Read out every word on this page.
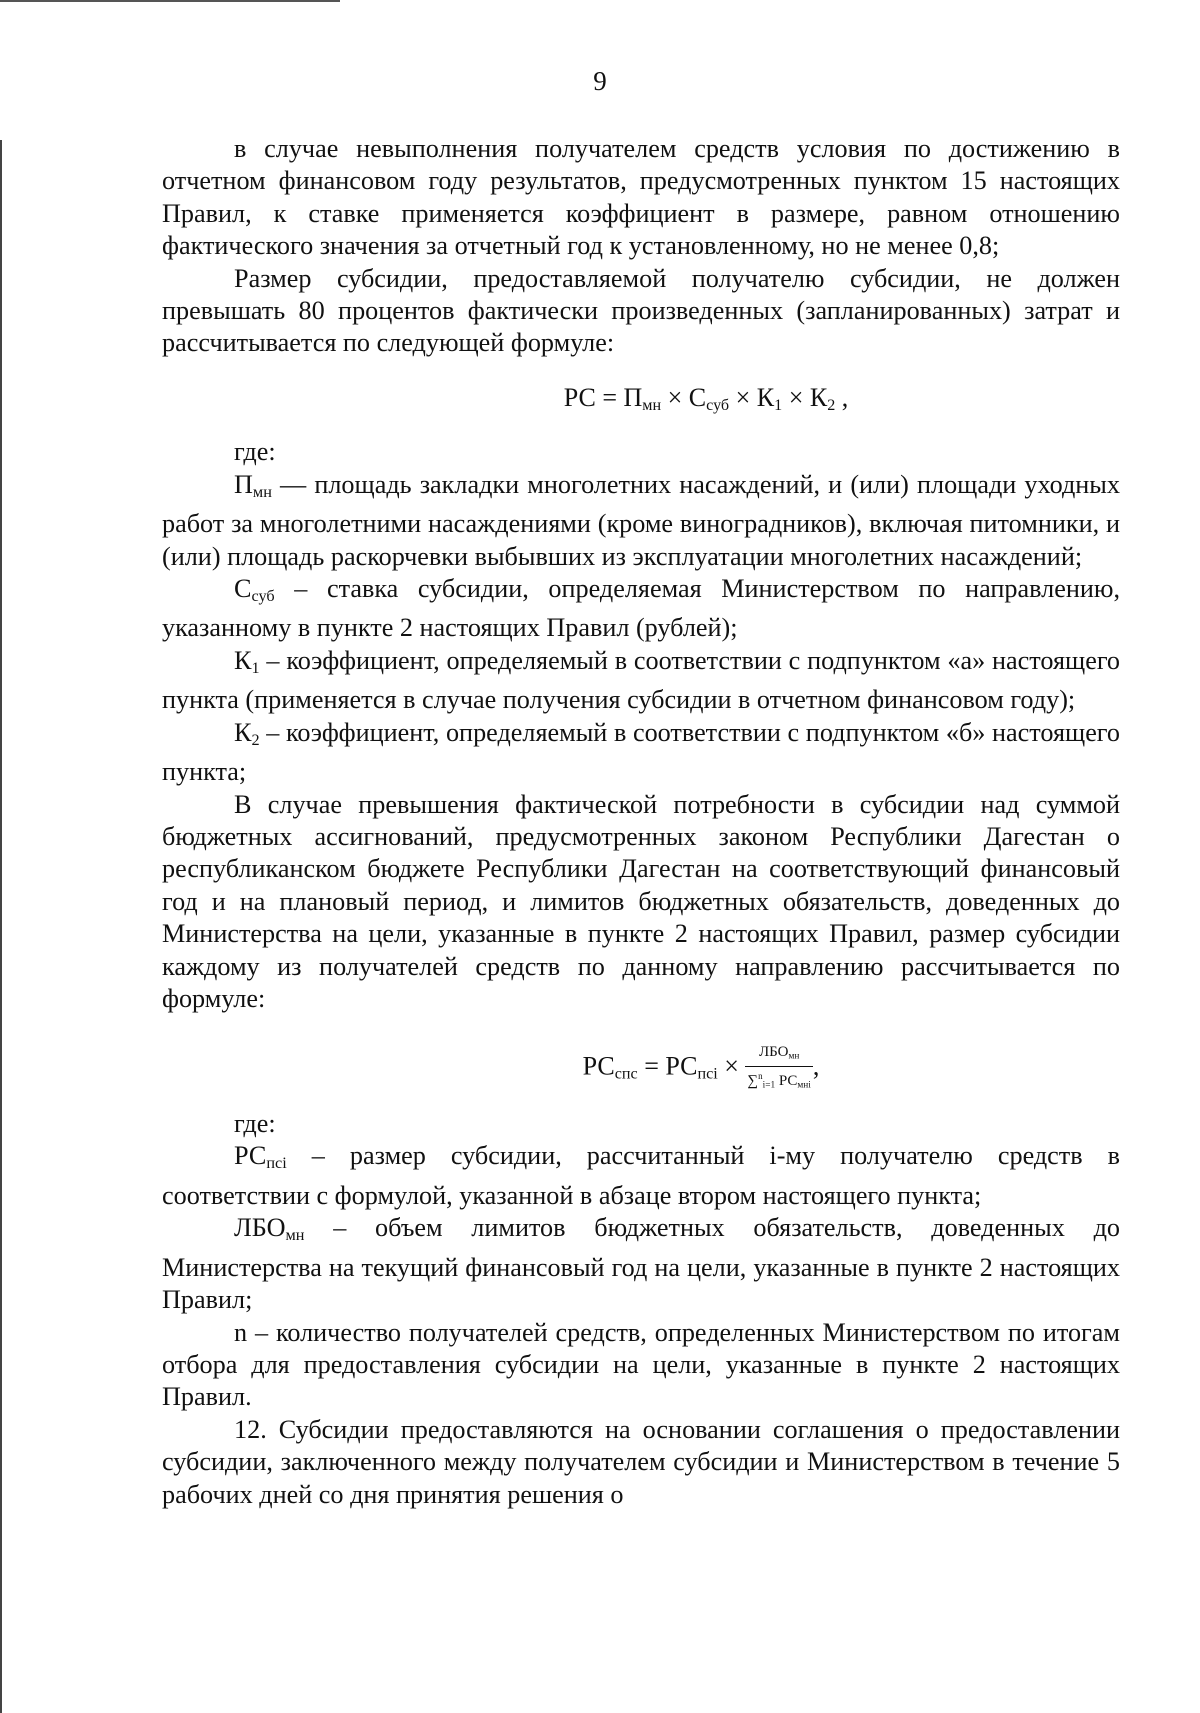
9

в случае невыполнения получателем средств условия по достижению в отчетном финансовом году результатов, предусмотренных пунктом 15 настоящих Правил, к ставке применяется коэффициент в размере, равном отношению фактического значения за отчетный год к установленному, но не менее 0,8;

Размер субсидии, предоставляемой получателю субсидии, не должен превышать 80 процентов фактически произведенных (запланированных) затрат и рассчитывается по следующей формуле:

РС = $П_{мн} \times С_{суб} \times К_1 \times К_2$ ,

где:

$П_{мн}$ — площадь закладки многолетних насаждений, и (или) площади уходных работ за многолетними насаждениями (кроме виноградников), включая питомники, и (или) площадь раскорчевки выбывших из эксплуатации многолетних насаждений;

$С_{суб}$ – ставка субсидии, определяемая Министерством по направлению, указанному в пункте 2 настоящих Правил (рублей);

$К_1$ – коэффициент, определяемый в соответствии с подпунктом «а» настоящего пункта (применяется в случае получения субсидии в отчетном финансовом году);

$К_2$ – коэффициент, определяемый в соответствии с подпунктом «б» настоящего пункта;

В случае превышения фактической потребности в субсидии над суммой бюджетных ассигнований, предусмотренных законом Республики Дагестан о республиканском бюджете Республики Дагестан на соответствующий финансовый год и на плановый период, и лимитов бюджетных обязательств, доведенных до Министерства на цели, указанные в пункте 2 настоящих Правил, размер субсидии каждому из получателей средств по данному направлению рассчитывается по формуле:

$РС_{спс} = РС_{псi} \times \frac{ЛБО_{мн}}{\sum^n_{i=1} РС_{мнi}}$ ,

где:

$РС_{псi}$ – размер субсидии, рассчитанный i-му получателю средств в соответствии с формулой, указанной в абзаце втором настоящего пункта;

$ЛБО_{мн}$ – объем лимитов бюджетных обязательств, доведенных до Министерства на текущий финансовый год на цели, указанные в пункте 2 настоящих Правил;

n – количество получателей средств, определенных Министерством по итогам отбора для предоставления субсидии на цели, указанные в пункте 2 настоящих Правил.

12. Субсидии предоставляются на основании соглашения о предоставлении субсидии, заключенного между получателем субсидии и Министерством в течение 5 рабочих дней со дня принятия решения о
